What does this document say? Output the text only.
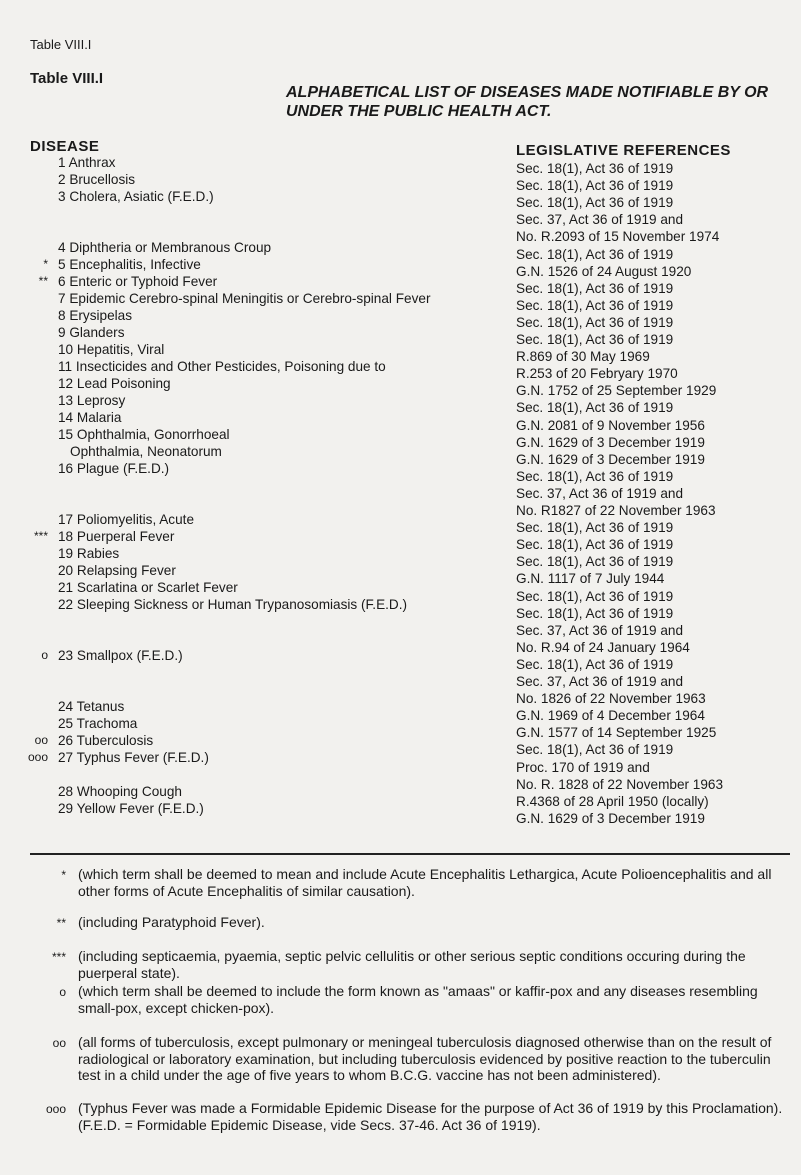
Table VIII.I
Table VIII.I
ALPHABETICAL LIST OF DISEASES MADE NOTIFIABLE BY OR UNDER THE PUBLIC HEALTH ACT.
DISEASE	LEGISLATIVE REFERENCES
1 Anthrax
2 Brucellosis
3 Cholera, Asiatic (F.E.D.)
4 Diphtheria or Membranous Croup
* 5 Encephalitis, Infective
** 6 Enteric or Typhoid Fever
7 Epidemic Cerebro-spinal Meningitis or Cerebro-spinal Fever
8 Erysipelas
9 Glanders
10 Hepatitis, Viral
11 Insecticides and Other Pesticides, Poisoning due to
12 Lead Poisoning
13 Leprosy
14 Malaria
15 Ophthalmia, Gonorrhoeal
Ophthalmia, Neonatorum
16 Plague (F.E.D.)
17 Poliomyelitis, Acute
*** 18 Puerperal Fever
19 Rabies
20 Relapsing Fever
21 Scarlatina or Scarlet Fever
22 Sleeping Sickness or Human Trypanosomiasis (F.E.D.)
o 23 Smallpox (F.E.D.)
24 Tetanus
25 Trachoma
oo 26 Tuberculosis
ooo 27 Typhus Fever (F.E.D.)
28 Whooping Cough
29 Yellow Fever (F.E.D.)
Sec. 18(1), Act 36 of 1919
Sec. 18(1), Act 36 of 1919
Sec. 18(1), Act 36 of 1919
Sec. 37, Act 36 of 1919 and
No. R.2093 of 15 November 1974
Sec. 18(1), Act 36 of 1919
G.N. 1526 of 24 August 1920
Sec. 18(1), Act 36 of 1919
Sec. 18(1), Act 36 of 1919
Sec. 18(1), Act 36 of 1919
Sec. 18(1), Act 36 of 1919
R.869 of 30 May 1969
R.253 of 20 Febryary 1970
G.N. 1752 of 25 September 1929
Sec. 18(1), Act 36 of 1919
G.N. 2081 of 9 November 1956
G.N. 1629 of 3 December 1919
G.N. 1629 of 3 December 1919
Sec. 18(1), Act 36 of 1919
Sec. 37, Act 36 of 1919 and
No. R1827 of 22 November 1963
Sec. 18(1), Act 36 of 1919
Sec. 18(1), Act 36 of 1919
Sec. 18(1), Act 36 of 1919
G.N. 1117 of 7 July 1944
Sec. 18(1), Act 36 of 1919
Sec. 18(1), Act 36 of 1919
Sec. 37, Act 36 of 1919 and
No. R.94 of 24 January 1964
Sec. 18(1), Act 36 of 1919
Sec. 37, Act 36 of 1919 and
No. 1826 of 22 November 1963
G.N. 1969 of 4 December 1964
G.N. 1577 of 14 September 1925
Sec. 18(1), Act 36 of 1919
Proc. 170 of 1919 and
No. R. 1828 of 22 November 1963
R.4368 of 28 April 1950 (locally)
G.N. 1629 of 3 December 1919
* (which term shall be deemed to mean and include Acute Encephalitis Lethargica, Acute Polioencephalitis and all other forms of Acute Encephalitis of similar causation).
** (including Paratyphoid Fever).
*** (including septicaemia, pyaemia, septic pelvic cellulitis or other serious septic conditions occuring during the puerperal state).
o (which term shall be deemed to include the form known as "amaas" or kaffir-pox and any diseases resembling small-pox, except chicken-pox).
oo (all forms of tuberculosis, except pulmonary or meningeal tuberculosis diagnosed otherwise than on the result of radiological or laboratory examination, but including tuberculosis evidenced by positive reaction to the tuberculin test in a child under the age of five years to whom B.C.G. vaccine has not been administered).
ooo (Typhus Fever was made a Formidable Epidemic Disease for the purpose of Act 36 of 1919 by this Proclamation). (F.E.D. = Formidable Epidemic Disease, vide Secs. 37-46. Act 36 of 1919).
